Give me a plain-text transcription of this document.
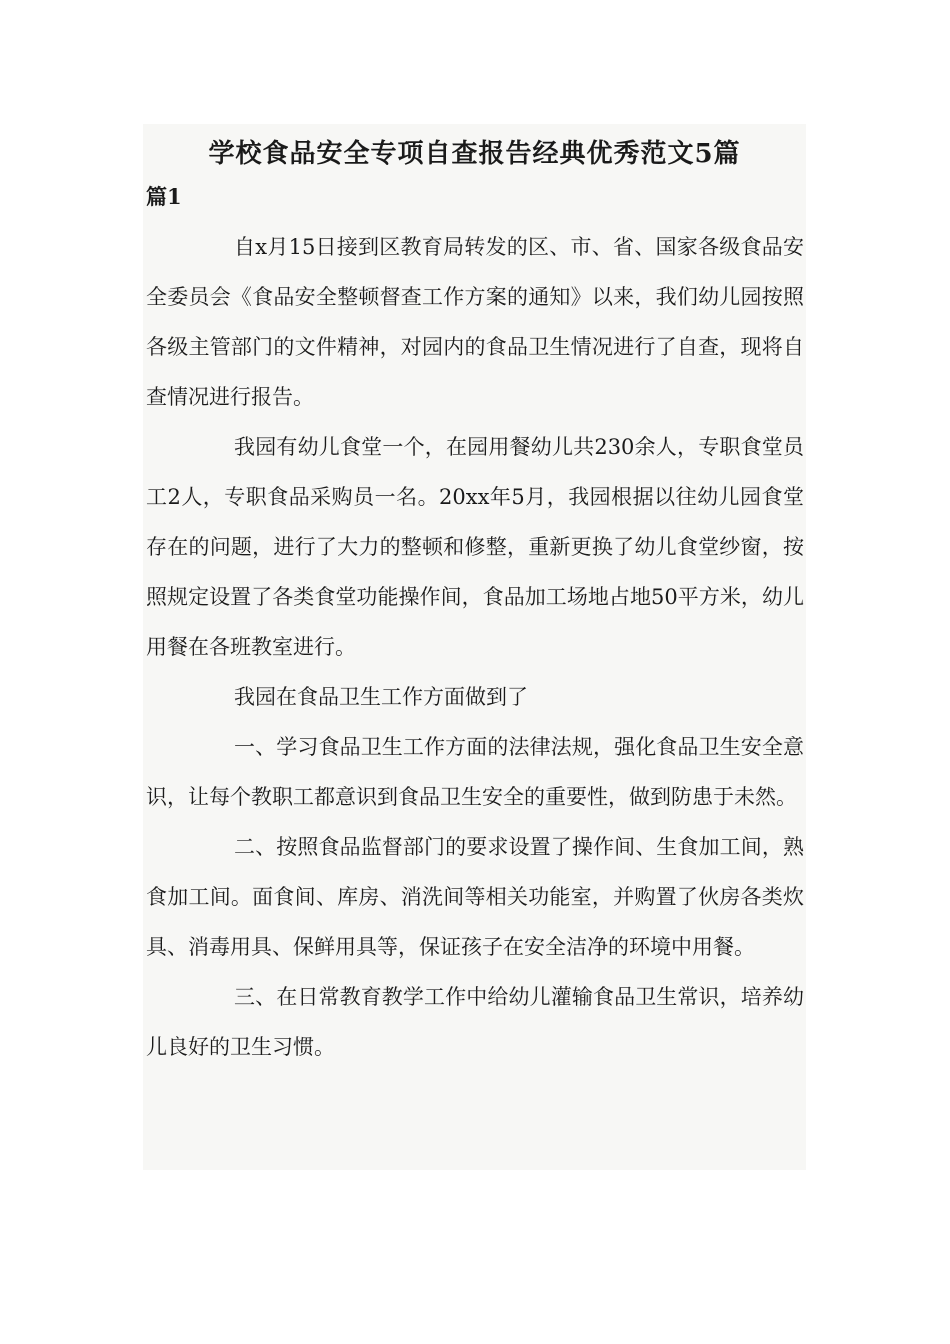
学校食品安全专项自查报告经典优秀范文5篇
篇1

自x月15日接到区教育局转发的区、市、省、国家各级食品安全委员会《食品安全整顿督查工作方案的通知》以来，我们幼儿园按照各级主管部门的文件精神，对园内的食品卫生情况进行了自查，现将自查情况进行报告。

我园有幼儿食堂一个，在园用餐幼儿共230余人，专职食堂员工2人，专职食品采购员一名。20xx年5月，我园根据以往幼儿园食堂存在的问题，进行了大力的整顿和修整，重新更换了幼儿食堂纱窗，按照规定设置了各类食堂功能操作间，食品加工场地占地50平方米，幼儿用餐在各班教室进行。

我园在食品卫生工作方面做到了

一、学习食品卫生工作方面的法律法规，强化食品卫生安全意识，让每个教职工都意识到食品卫生安全的重要性，做到防患于未然。

二、按照食品监督部门的要求设置了操作间、生食加工间，熟食加工间。面食间、库房、消洗间等相关功能室，并购置了伙房各类炊具、消毒用具、保鲜用具等，保证孩子在安全洁净的环境中用餐。

三、在日常教育教学工作中给幼儿灌输食品卫生常识，培养幼儿良好的卫生习惯。
